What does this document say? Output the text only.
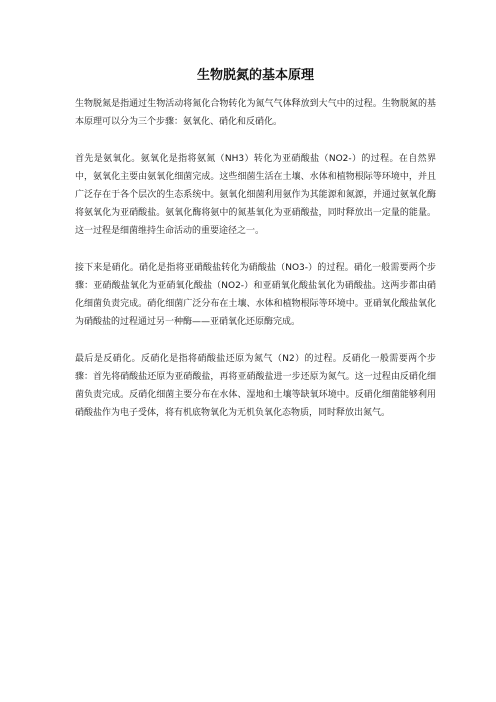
生物脱氮的基本原理

生物脱氮是指通过生物活动将氮化合物转化为氮气气体释放到大气中的过程。生物脱氮的基本原理可以分为三个步骤：氨氧化、硝化和反硝化。

首先是氨氧化。氨氧化是指将氨氮（NH3）转化为亚硝酸盐（NO2-）的过程。在自然界中，氨氧化主要由氨氧化细菌完成。这些细菌生活在土壤、水体和植物根际等环境中，并且广泛存在于各个层次的生态系统中。氨氧化细菌利用氨作为其能源和氮源，并通过氨氧化酶将氨氧化为亚硝酸盐。氨氧化酶将氨中的氮基氧化为亚硝酸盐，同时释放出一定量的能量。这一过程是细菌维持生命活动的重要途径之一。

接下来是硝化。硝化是指将亚硝酸盐转化为硝酸盐（NO3-）的过程。硝化一般需要两个步骤：亚硝酸盐氧化为亚硝氧化酸盐（NO2-）和亚硝氧化酸盐氧化为硝酸盐。这两步都由硝化细菌负责完成。硝化细菌广泛分布在土壤、水体和植物根际等环境中。亚硝氧化酸盐氧化为硝酸盐的过程通过另一种酶——亚硝氧化还原酶完成。

最后是反硝化。反硝化是指将硝酸盐还原为氮气（N2）的过程。反硝化一般需要两个步骤：首先将硝酸盐还原为亚硝酸盐，再将亚硝酸盐进一步还原为氮气。这一过程由反硝化细菌负责完成。反硝化细菌主要分布在水体、湿地和土壤等缺氧环境中。反硝化细菌能够利用硝酸盐作为电子受体，将有机底物氧化为无机负氧化态物质，同时释放出氮气。
